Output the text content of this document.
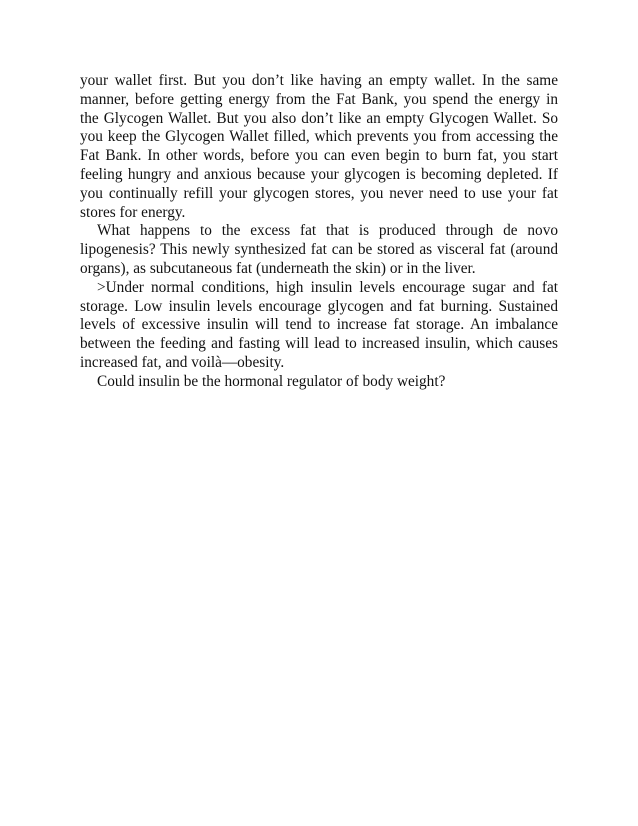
your wallet first. But you don’t like having an empty wallet. In the same
manner, before getting energy from the Fat Bank, you spend the energy in
the Glycogen Wallet. But you also don’t like an empty Glycogen Wallet. So
you keep the Glycogen Wallet filled, which prevents you from accessing the
Fat Bank. In other words, before you can even begin to burn fat, you start
feeling hungry and anxious because your glycogen is becoming depleted. If
you continually refill your glycogen stores, you never need to use your fat
stores for energy.
What happens to the excess fat that is produced through de novo
lipogenesis? This newly synthesized fat can be stored as visceral fat (around
organs), as subcutaneous fat (underneath the skin) or in the liver.
>Under normal conditions, high insulin levels encourage sugar and fat
storage. Low insulin levels encourage glycogen and fat burning. Sustained
levels of excessive insulin will tend to increase fat storage. An imbalance
between the feeding and fasting will lead to increased insulin, which causes
increased fat, and voilà—obesity.
Could insulin be the hormonal regulator of body weight?
